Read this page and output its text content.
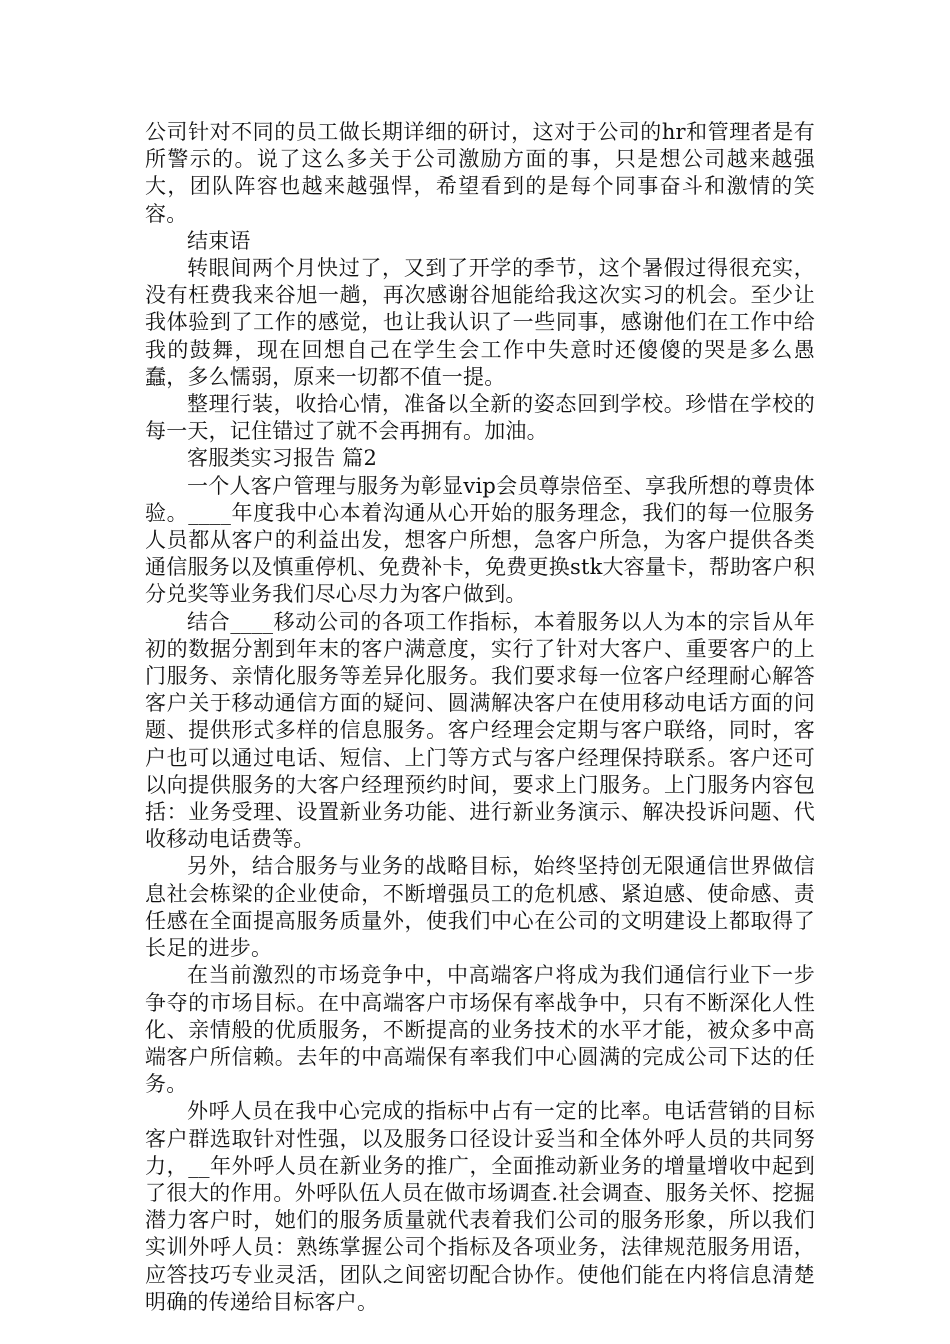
公司针对不同的员工做长期详细的研讨，这对于公司的hr和管理者是有所警示的。说了这么多关于公司激励方面的事，只是想公司越来越强大，团队阵容也越来越强悍，希望看到的是每个同事奋斗和激情的笑容。

结束语

转眼间两个月快过了，又到了开学的季节，这个暑假过得很充实，没有枉费我来谷旭一趟，再次感谢谷旭能给我这次实习的机会。至少让我体验到了工作的感觉，也让我认识了一些同事，感谢他们在工作中给我的鼓舞，现在回想自己在学生会工作中失意时还傻傻的哭是多么愚蠢，多么懦弱，原来一切都不值一提。

整理行装，收拾心情，准备以全新的姿态回到学校。珍惜在学校的每一天，记住错过了就不会再拥有。加油。

客服类实习报告 篇2

一个人客户管理与服务为彰显vip会员尊崇倍至、享我所想的尊贵体验。____年度我中心本着沟通从心开始的服务理念，我们的每一位服务人员都从客户的利益出发，想客户所想，急客户所急，为客户提供各类通信服务以及慎重停机、免费补卡，免费更换stk大容量卡，帮助客户积分兑奖等业务我们尽心尽力为客户做到。

结合____移动公司的各项工作指标，本着服务以人为本的宗旨从年初的数据分割到年末的客户满意度，实行了针对大客户、重要客户的上门服务、亲情化服务等差异化服务。我们要求每一位客户经理耐心解答客户关于移动通信方面的疑问、圆满解决客户在使用移动电话方面的问题、提供形式多样的信息服务。客户经理会定期与客户联络，同时，客户也可以通过电话、短信、上门等方式与客户经理保持联系。客户还可以向提供服务的大客户经理预约时间，要求上门服务。上门服务内容包括：业务受理、设置新业务功能、进行新业务演示、解决投诉问题、代收移动电话费等。

另外，结合服务与业务的战略目标，始终坚持创无限通信世界做信息社会栋梁的企业使命，不断增强员工的危机感、紧迫感、使命感、责任感在全面提高服务质量外，使我们中心在公司的文明建设上都取得了长足的进步。

在当前激烈的市场竞争中，中高端客户将成为我们通信行业下一步争夺的市场目标。在中高端客户市场保有率战争中，只有不断深化人性化、亲情般的优质服务，不断提高的业务技术的水平才能，被众多中高端客户所信赖。去年的中高端保有率我们中心圆满的完成公司下达的任务。

外呼人员在我中心完成的指标中占有一定的比率。电话营销的目标客户群选取针对性强，以及服务口径设计妥当和全体外呼人员的共同努力，__年外呼人员在新业务的推广，全面推动新业务的增量增收中起到了很大的作用。外呼队伍人员在做市场调查.社会调查、服务关怀、挖掘潜力客户时，她们的服务质量就代表着我们公司的服务形象，所以我们实训外呼人员：熟练掌握公司个指标及各项业务，法律规范服务用语，应答技巧专业灵活，团队之间密切配合协作。使他们能在内将信息清楚明确的传递给目标客户。
